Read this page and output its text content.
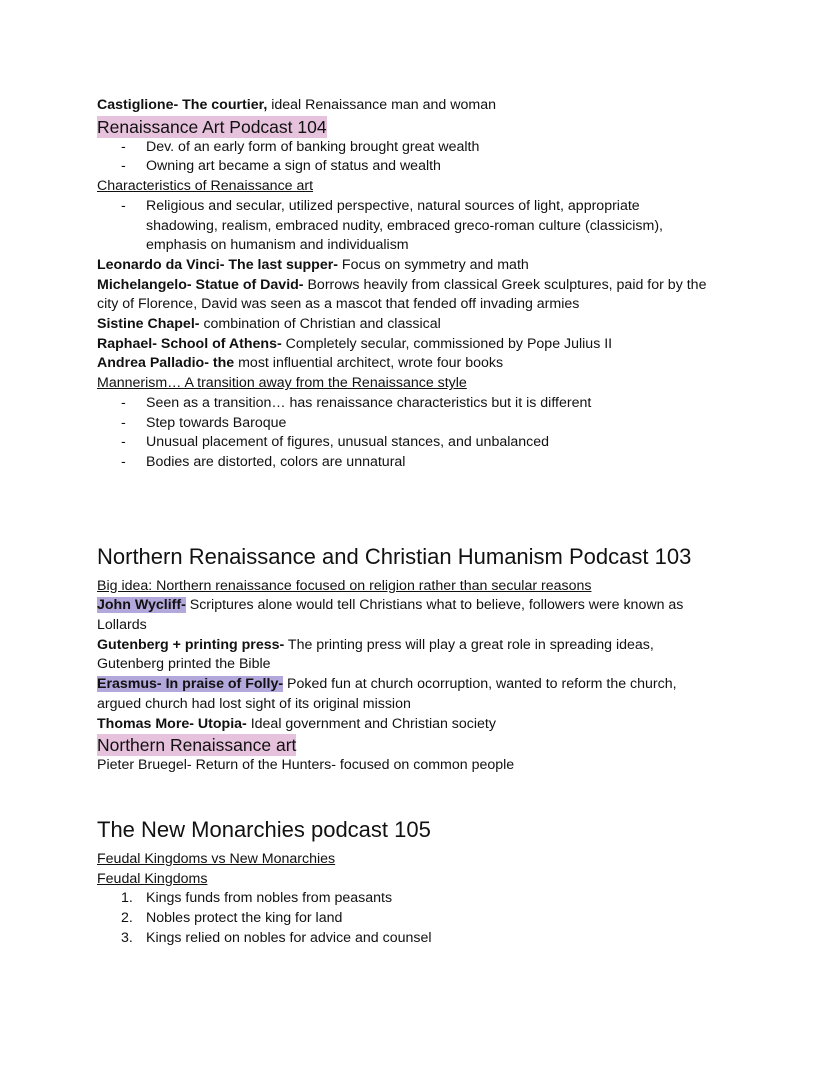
Castiglione- The courtier, ideal Renaissance man and woman
Renaissance Art Podcast 104
- Dev. of an early form of banking brought great wealth
- Owning art became a sign of status and wealth
Characteristics of Renaissance art
- Religious and secular, utilized perspective, natural sources of light, appropriate shadowing, realism, embraced nudity, embraced greco-roman culture (classicism), emphasis on humanism and individualism
Leonardo da Vinci- The last supper- Focus on symmetry and math
Michelangelo- Statue of David- Borrows heavily from classical Greek sculptures, paid for by the city of Florence, David was seen as a mascot that fended off invading armies
Sistine Chapel- combination of Christian and classical
Raphael- School of Athens- Completely secular, commissioned by Pope Julius II
Andrea Palladio- the most influential architect, wrote four books
Mannerism… A transition away from the Renaissance style
- Seen as a transition… has renaissance characteristics but it is different
- Step towards Baroque
- Unusual placement of figures, unusual stances, and unbalanced
- Bodies are distorted, colors are unnatural
Northern Renaissance and Christian Humanism Podcast 103
Big idea: Northern renaissance focused on religion rather than secular reasons
John Wycliff- Scriptures alone would tell Christians what to believe, followers were known as Lollards
Gutenberg + printing press- The printing press will play a great role in spreading ideas, Gutenberg printed the Bible
Erasmus- In praise of Folly- Poked fun at church ocorruption, wanted to reform the church, argued church had lost sight of its original mission
Thomas More- Utopia- Ideal government and Christian society
Northern Renaissance art
Pieter Bruegel- Return of the Hunters- focused on common people
The New Monarchies podcast 105
Feudal Kingdoms vs New Monarchies
Feudal Kingdoms
1. Kings funds from nobles from peasants
2. Nobles protect the king for land
3. Kings relied on nobles for advice and counsel
